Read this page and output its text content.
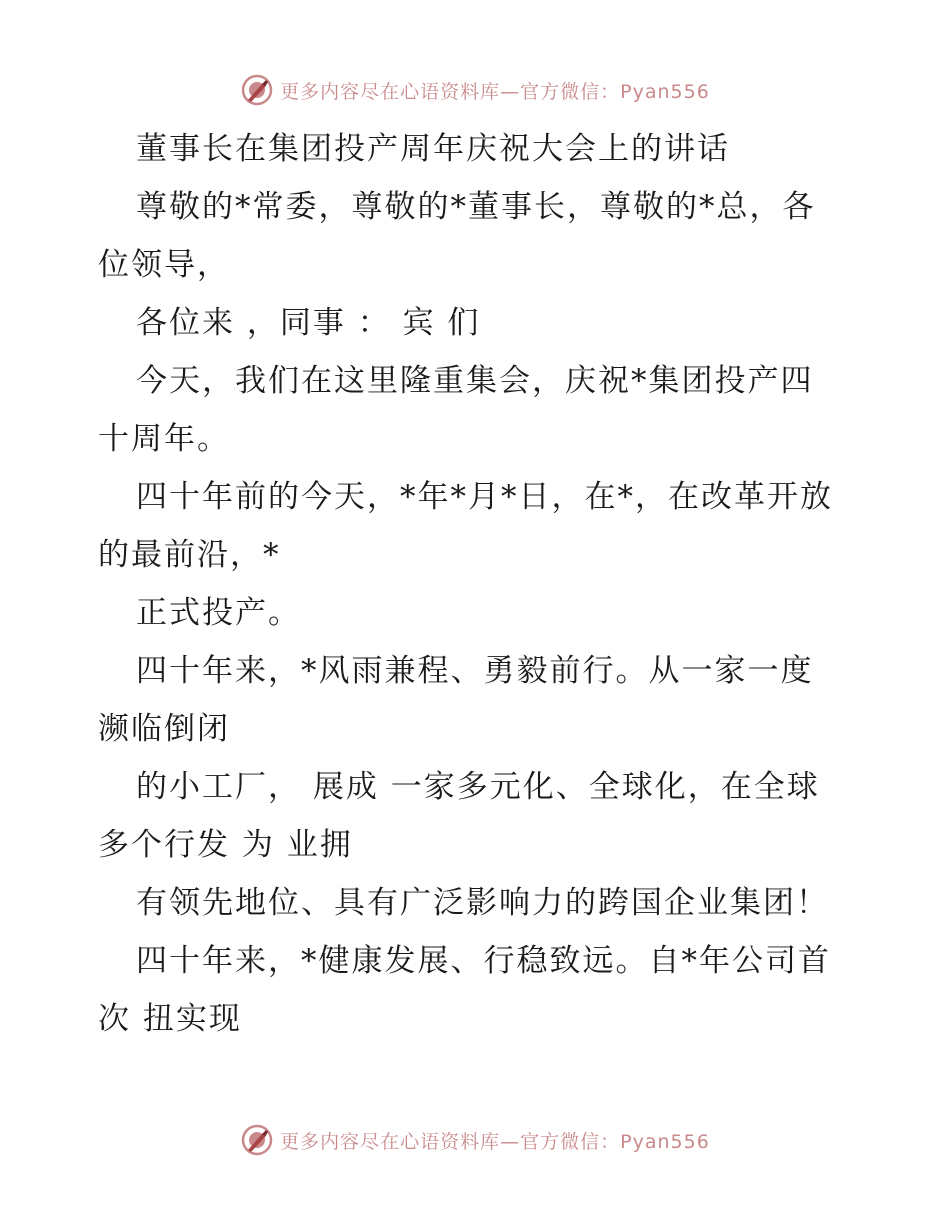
更多内容尽在心语资料库—官方微信：Pyan556
董事长在集团投产周年庆祝大会上的讲话
尊敬的*常委，尊敬的*董事长，尊敬的*总，各
位领导，
各位来 ，同事 ： 宾 们
今天，我们在这里隆重集会，庆祝*集团投产四
十周年。
四十年前的今天，*年*月*日，在*，在改革开放
的最前沿，*
正式投产。
四十年来，*风雨兼程、勇毅前行。从一家一度
濒临倒闭
的小工厂， 展成 一家多元化、全球化，在全球
多个行发 为 业拥
有领先地位、具有广泛影响力的跨国企业集团！
四十年来，*健康发展、行稳致远。自*年公司首
次 扭实现
更多内容尽在心语资料库—官方微信：Pyan556
